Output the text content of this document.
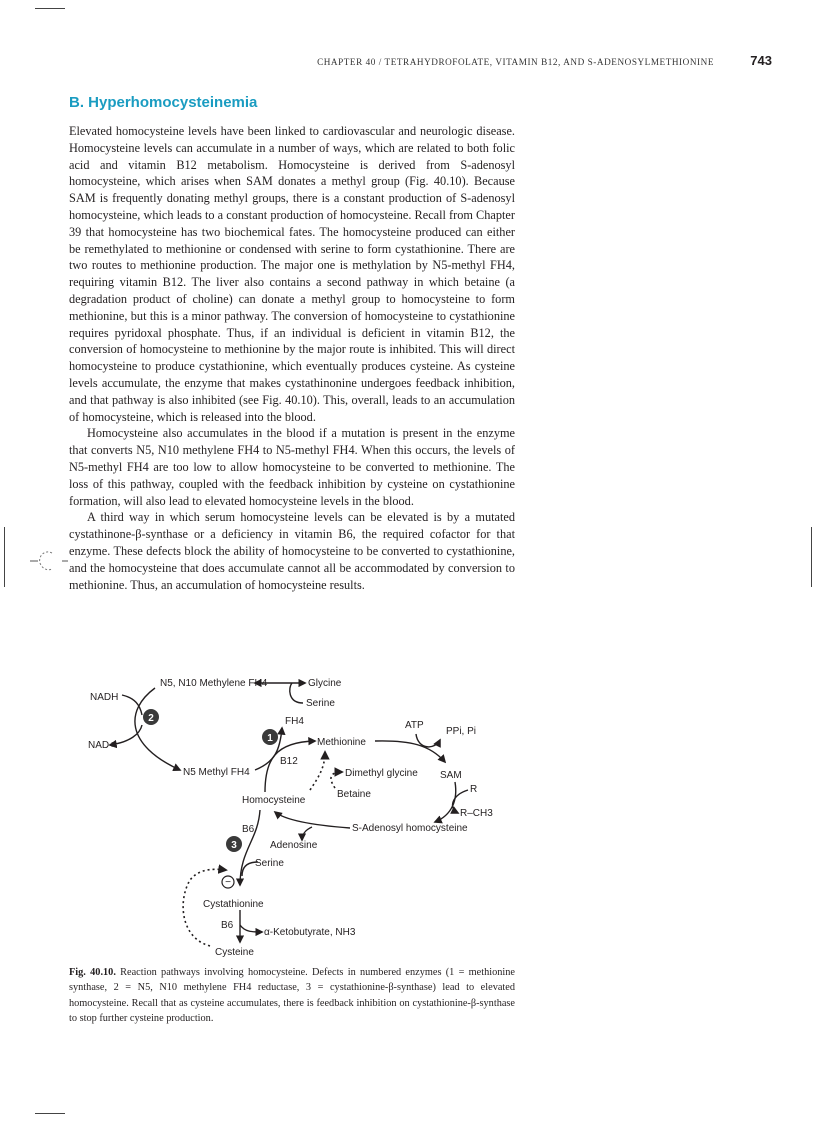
CHAPTER 40 / TETRAHYDROFOLATE, VITAMIN B12, AND S-ADENOSYLMETHIONINE	743
B. Hyperhomocysteinemia

Elevated homocysteine levels have been linked to cardiovascular and neurologic disease. Homocysteine levels can accumulate in a number of ways, which are related to both folic acid and vitamin B12 metabolism. Homocysteine is derived from S-adenosyl homocysteine, which arises when SAM donates a methyl group (Fig. 40.10). Because SAM is frequently donating methyl groups, there is a constant production of S-adenosyl homocysteine, which leads to a constant production of homocysteine. Recall from Chapter 39 that homocysteine has two biochemical fates. The homocysteine produced can either be remethylated to methionine or condensed with serine to form cystathionine. There are two routes to methionine production. The major one is methylation by N5-methyl FH4, requiring vitamin B12. The liver also contains a second pathway in which betaine (a degradation product of choline) can donate a methyl group to homocysteine to form methionine, but this is a minor pathway. The conversion of homocysteine to cystathionine requires pyridoxal phosphate. Thus, if an individual is deficient in vitamin B12, the conversion of homocysteine to methionine by the major route is inhibited. This will direct homocysteine to produce cystathionine, which eventually produces cysteine. As cysteine levels accumulate, the enzyme that makes cystathinonine undergoes feedback inhibition, and that pathway is also inhibited (see Fig. 40.10). This, overall, leads to an accumulation of homocysteine, which is released into the blood.

Homocysteine also accumulates in the blood if a mutation is present in the enzyme that converts N5, N10 methylene FH4 to N5-methyl FH4. When this occurs, the levels of N5-methyl FH4 are too low to allow homocysteine to be converted to methionine. The loss of this pathway, coupled with the feedback inhibition by cysteine on cystathionine formation, will also lead to elevated homocysteine levels in the blood.

A third way in which serum homocysteine levels can be elevated is by a mutated cystathinone-β-synthase or a deficiency in vitamin B6, the required cofactor for that enzyme. These defects block the ability of homocysteine to be converted to cystathionine, and the homocysteine that does accumulate cannot all be accommodated by conversion to methionine. Thus, an accumulation of homocysteine results.

2
1
3
−
NADH
NAD+
N5, N10 Methylene FH4
N5 Methyl FH4
Glycine
Serine
FH4
B12
Methionine
ATP
PPi, Pi
SAM
R
R–CH3
Dimethyl glycine
Betaine
Homocysteine
S-Adenosyl homocysteine
Adenosine
B6
Serine
Cystathionine
B6
α-Ketobutyrate, NH3
Cysteine
Fig. 40.10. Reaction pathways involving homocysteine. Defects in numbered enzymes (1 = methionine synthase, 2 = N5, N10 methylene FH4 reductase, 3 = cystathionine-β-synthase) lead to elevated homocysteine. Recall that as cysteine accumulates, there is feedback inhibition on cystathionine-β-synthase to stop further cysteine production.
